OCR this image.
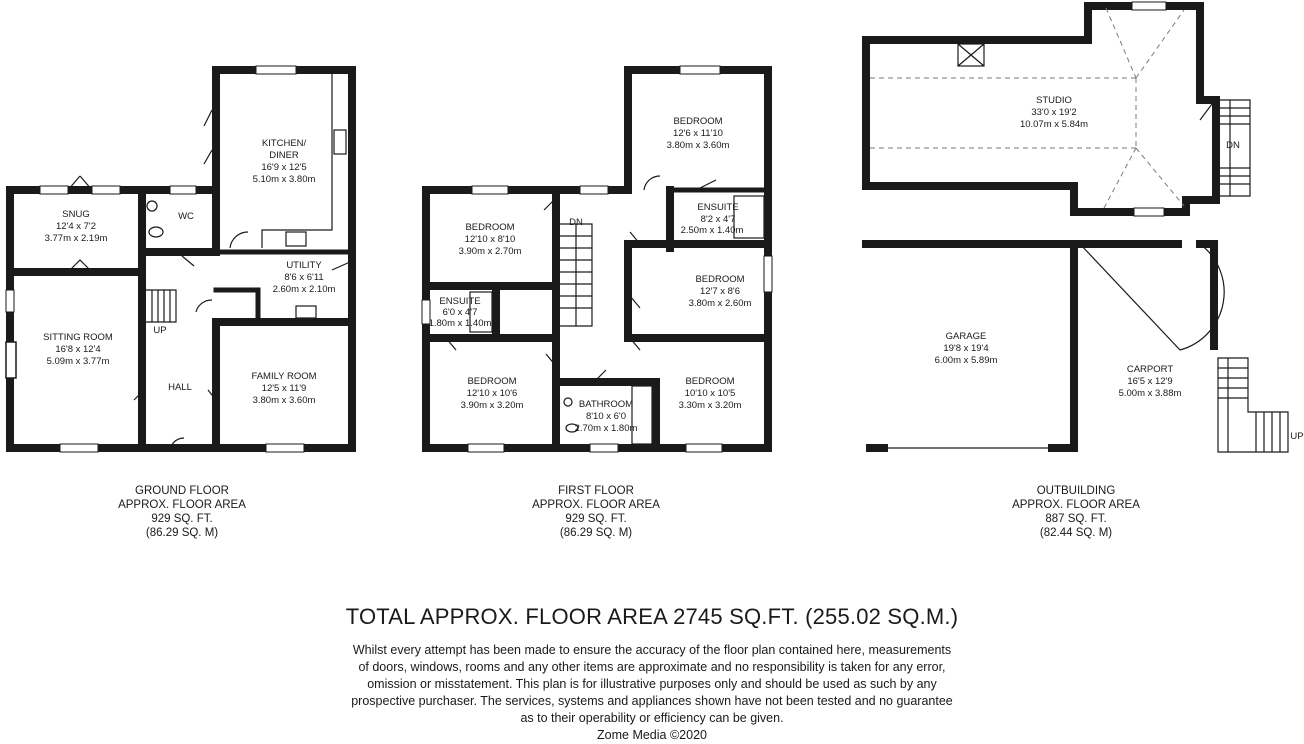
SNUG
12'4 x 7'2
3.77m x 2.19m
WC
KITCHEN/
DINER
16'9 x 12'5
5.10m x 3.80m
UTILITY
8'6 x 6'11
2.60m x 2.10m
SITTING ROOM
16'8 x 12'4
5.09m x 3.77m
UP
HALL
FAMILY ROOM
12'5 x 11'9
3.80m x 3.60m
BEDROOM
12'6 x 11'10
3.80m x 3.60m
BEDROOM
12'10 x 8'10
3.90m x 2.70m
DN
ENSUITE
8'2 x 4'7
2.50m x 1.40m
BEDROOM
12'7 x 8'6
3.80m x 2.60m
ENSUITE
6'0 x 4'7
1.80m x 1.40m
BEDROOM
12'10 x 10'6
3.90m x 3.20m	BATHROOM
8'10 x 6'0
2.70m x 1.80m
BEDROOM
10'10 x 10'5
3.30m x 3.20m
STUDIO
33'0 x 19'2
10.07m x 5.84m
DN
GARAGE
19'8 x 19'4
6.00m x 5.89m
CARPORT
16'5 x 12'9
5.00m x 3.88m
UP
GROUND FLOOR
APPROX. FLOOR AREA
929 SQ. FT.
(86.29 SQ. M)
FIRST FLOOR
APPROX. FLOOR AREA
929 SQ. FT.
(86.29 SQ. M)
OUTBUILDING
APPROX. FLOOR AREA
887 SQ. FT.
(82.44 SQ. M)
TOTAL APPROX. FLOOR AREA 2745 SQ.FT. (255.02 SQ.M.)
Whilst every attempt has been made to ensure the accuracy of the floor plan contained here, measurements
of doors, windows, rooms and any other items are approximate and no responsibility is taken for any error,
omission or misstatement. This plan is for illustrative purposes only and should be used as such by any
prospective purchaser. The services, systems and appliances shown have not been tested and no guarantee
as to their operability or efficiency can be given.
Zome Media ©2020
